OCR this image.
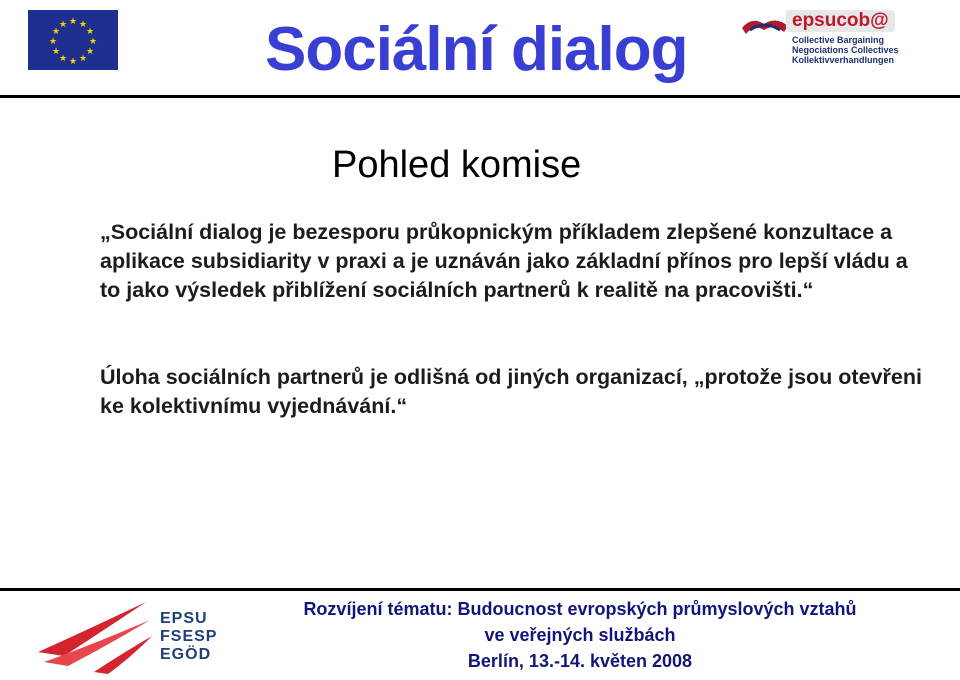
★ ★
★
★
★
★
★
★
★
★
★
★	Sociální dialog	epsucob@
Collective Bargaining
Negociations Collectives
Kollektivverhandlungen
Pohled komise

„Sociální dialog je bezesporu průkopnickým příkladem zlepšené konzultace a aplikace subsidiarity v praxi a je uznáván jako základní přínos pro lepší vládu a to jako výsledek přiblížení sociálních partnerů k realitě na pracovišti.“

Úloha sociálních partnerů je odlišná od jiných organizací, „protože jsou otevřeni ke kolektivnímu vyjednávání.“

EPSU
FSESP
EGÖD
Rozvíjení tématu: Budoucnost evropských průmyslových vztahů
ve veřejných službách
Berlín, 13.-14. květen 2008
